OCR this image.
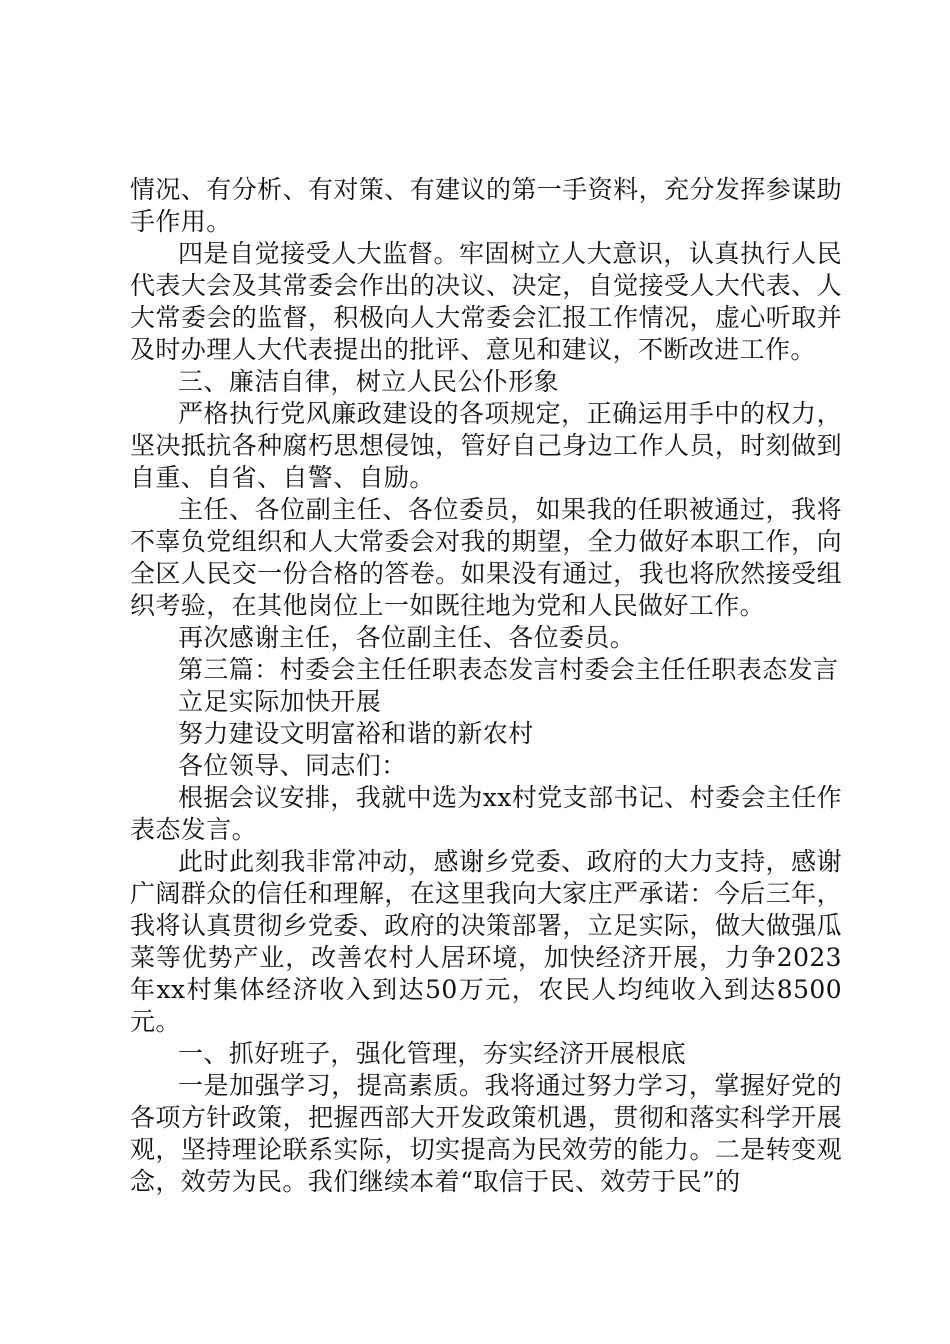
情况、有分析、有对策、有建议的第一手资料，充分发挥参谋助手作用。

四是自觉接受人大监督。牢固树立人大意识，认真执行人民代表大会及其常委会作出的决议、决定，自觉接受人大代表、人大常委会的监督，积极向人大常委会汇报工作情况，虚心听取并及时办理人大代表提出的批评、意见和建议，不断改进工作。

三、廉洁自律，树立人民公仆形象

严格执行党风廉政建设的各项规定，正确运用手中的权力，坚决抵抗各种腐朽思想侵蚀，管好自己身边工作人员，时刻做到自重、自省、自警、自励。

主任、各位副主任、各位委员，如果我的任职被通过，我将不辜负党组织和人大常委会对我的期望，全力做好本职工作，向全区人民交一份合格的答卷。如果没有通过，我也将欣然接受组织考验，在其他岗位上一如既往地为党和人民做好工作。

再次感谢主任，各位副主任、各位委员。

第三篇：村委会主任任职表态发言村委会主任任职表态发言

立足实际加快开展

努力建设文明富裕和谐的新农村

各位领导、同志们：

根据会议安排，我就中选为xx村党支部书记、村委会主任作表态发言。

此时此刻我非常冲动，感谢乡党委、政府的大力支持，感谢广阔群众的信任和理解，在这里我向大家庄严承诺：今后三年，我将认真贯彻乡党委、政府的决策部署，立足实际，做大做强瓜菜等优势产业，改善农村人居环境，加快经济开展，力争2023年xx村集体经济收入到达50万元，农民人均纯收入到达8500元。

一、抓好班子，强化管理，夯实经济开展根底

一是加强学习，提高素质。我将通过努力学习，掌握好党的各项方针政策，把握西部大开发政策机遇，贯彻和落实科学开展观，坚持理论联系实际，切实提高为民效劳的能力。二是转变观念，效劳为民。我们继续本着“取信于民、效劳于民”的
